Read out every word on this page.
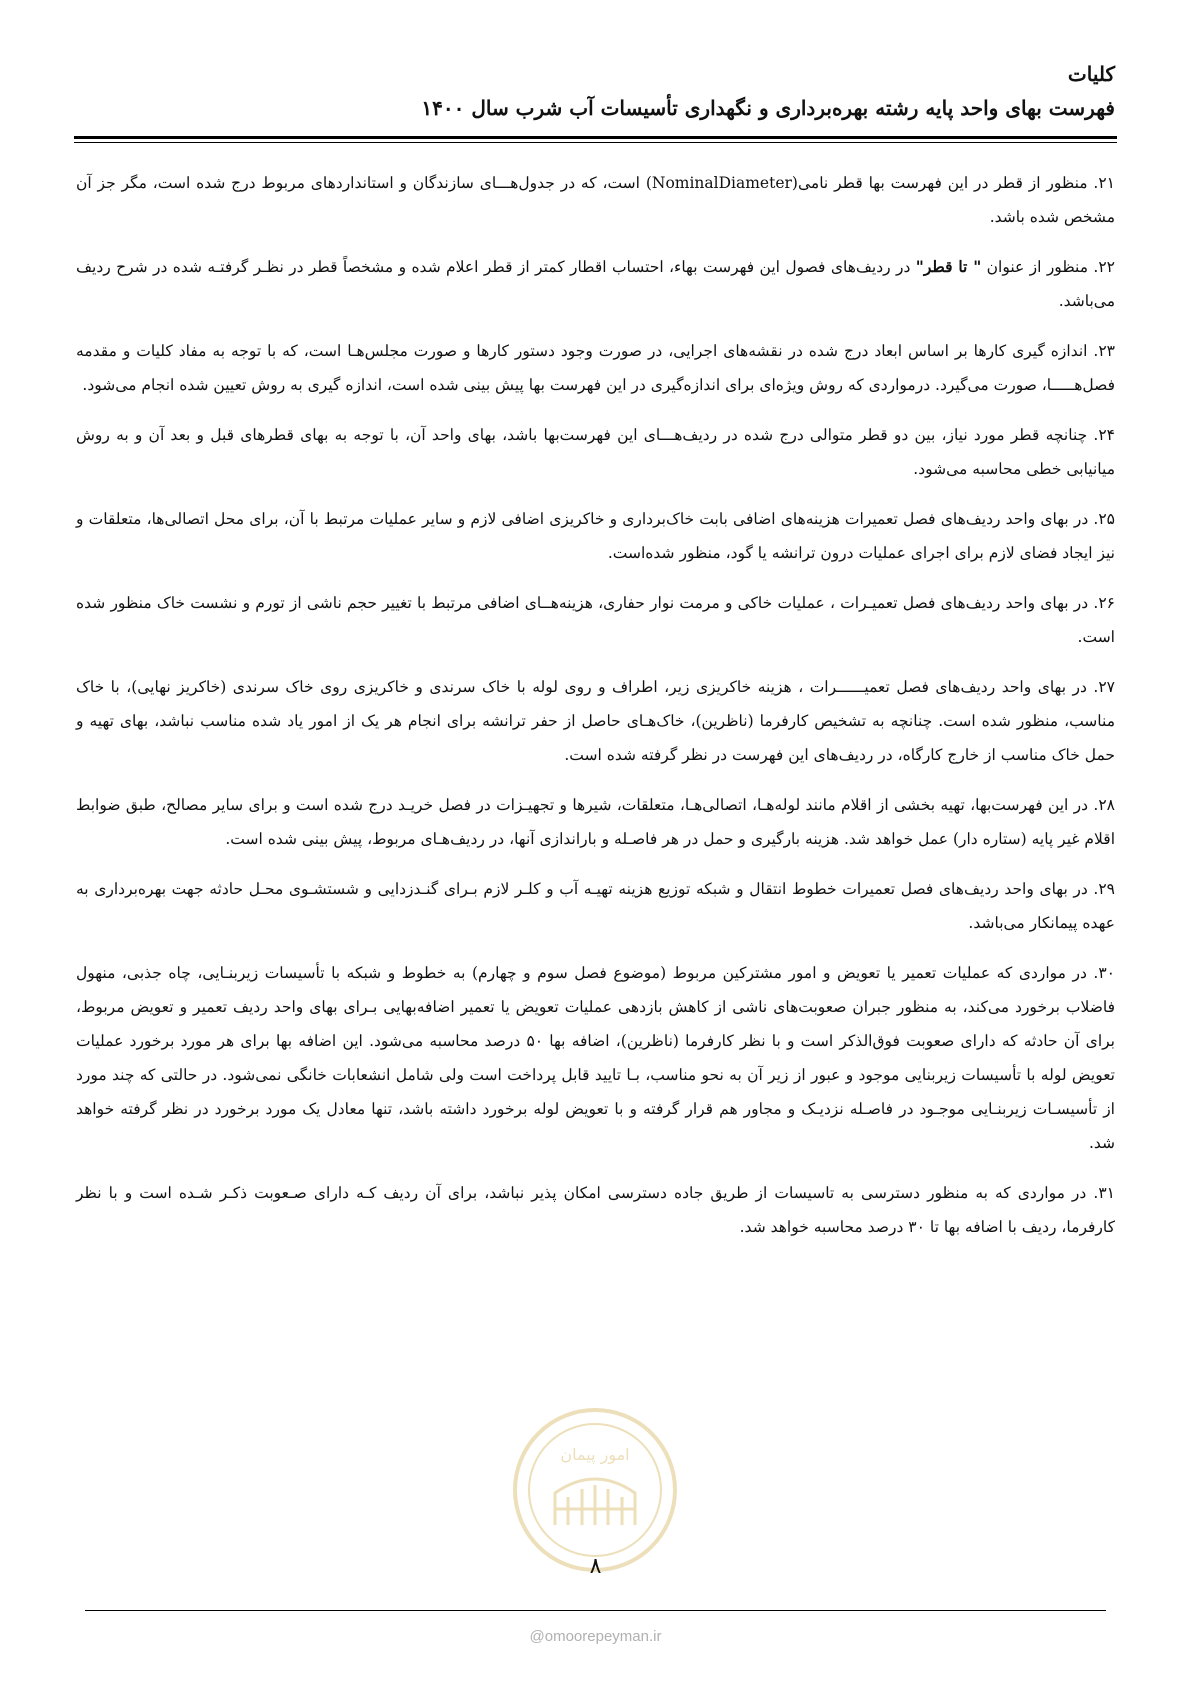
کلیات
فهرست بهای واحد پایه رشته بهره‌برداری و نگهداری تأسیسات آب شرب سال ۱۴۰۰

۲۱. منظور از قطر در این فهرست بها قطر نامی(NominalDiameter) است، که در جدول‌هـــای سازندگان و استانداردهای مربوط درج شده است، مگر جز آن مشخص شده باشد.

۲۲. منظور از عنوان " تا قطر" در ردیف‌های فصول این فهرست بهاء، احتساب اقطار کمتر از قطر اعلام شده و مشخصاً قطر در نظـر گرفتـه شده در شرح ردیف می‌باشد.

۲۳. اندازه گیری کارها بر اساس ابعاد درج شده در نقشه‌های اجرایی، در صورت وجود دستور کارها و صورت مجلس‌هـا است، که با توجه به مفاد کلیات و مقدمه فصل‌هـــــا، صورت می‌گیرد. درمواردی که روش ویژه‌ای برای اندازه‌گیری در این فهرست بها پیش بینی شده است، اندازه گیری به روش تعیین شده انجام می‌شود.

۲۴. چنانچه قطر مورد نیاز، بین دو قطر متوالی درج شده در ردیف‌هـــای این فهرست‌بها باشد، بهای واحد آن، با توجه به بهای قطرهای قبل و بعد آن و به روش میانیابی خطی محاسبه می‌شود.

۲۵. در بهای واحد ردیف‌های فصل تعمیرات هزینه‌های اضافی بابت خاک‌برداری و خاکریزی اضافی لازم و سایر عملیات مرتبط با آن، برای محل اتصالی‌ها، متعلقات و نیز ایجاد فضای لازم برای اجرای عملیات درون ترانشه یا گود، منظور شده‌است.

۲۶. در بهای واحد ردیف‌های فصل تعمیـرات ، عملیات خاکی و مرمت نوار حفاری، هزینه‌هــای اضافی مرتبط با تغییر حجم ناشی از تورم و نشست خاک منظور شده است.

۲۷. در بهای واحد ردیف‌های فصل تعمیــــــرات ، هزینه خاکریزی زیر، اطراف و روی لوله با خاک سرندی و خاکریزی روی خاک سرندی (خاکریز نهایی)، با خاک مناسب، منظور شده است. چنانچه به تشخیص کارفرما (ناظرین)، خاک‌هـای حاصل از حفر ترانشه برای انجام هر یک از امور یاد شده مناسب نباشد، بهای تهیه و حمل خاک مناسب از خارج کارگاه، در ردیف‌های این فهرست در نظر گرفته شده است.

۲۸. در این فهرست‌بها، تهیه بخشی از اقلام مانند لوله‌هـا، اتصالی‌هـا، متعلقات، شیرها و تجهیـزات در فصل خریـد درج شده است و برای سایر مصالح، طبق ضوابط اقلام غیر پایه (ستاره دار) عمل خواهد شد. هزینه بارگیری و حمل در هر فاصـله و باراندازی آنها، در ردیف‌هـای مربوط، پیش بینی شده است.

۲۹. در بهای واحد ردیف‌های فصل تعمیرات خطوط انتقال و شبکه توزیع هزینه تهیـه آب و کلـر لازم بـرای گنـدزدایی و شستشـوی محـل حادثه جهت بهره‌برداری به عهده پیمانکار می‌باشد.

۳۰. در مواردی که عملیات تعمیر یا تعویض و امور مشترکین مربوط (موضوع فصل سوم و چهارم) به خطوط و شبکه با تأسیسات زیربنـایی، چاه جذبی، منهول فاضلاب برخورد می‌کند، به منظور جبران صعوبت‌های ناشی از کاهش بازدهی عملیات تعویض یا تعمیر اضافه‌بهایی بـرای بهای واحد ردیف تعمیر و تعویض مربوط، برای آن حادثه که دارای صعوبت فوق‌الذکر است و با نظر کارفرما (ناظرین)، اضافه بها ۵۰ درصد محاسبه می‌شود. این اضافه بها برای هر مورد برخورد عملیات تعویض لوله با تأسیسات زیربنایی موجود و عبور از زیر آن به نحو مناسب، بـا تایید قابل پرداخت است ولی شامل انشعابات خانگی نمی‌شود. در حالتی که چند مورد از تأسیسـات زیربنـایی موجـود در فاصـله نزدیـک و مجاور هم قرار گرفته و با تعویض لوله برخورد داشته باشد، تنها معادل یک مورد برخورد در نظر گرفته خواهد شد.

۳۱. در مواردی که به منظور دسترسی به تاسیسات از طریق جاده دسترسی امکان پذیر نباشد، برای آن ردیف کـه دارای صـعوبت ذکـر شـده است و با نظر کارفرما، ردیف با اضافه بها تا ۳۰ درصد محاسبه خواهد شد.

امور پیمان
۸
@omoorepeyman.ir
